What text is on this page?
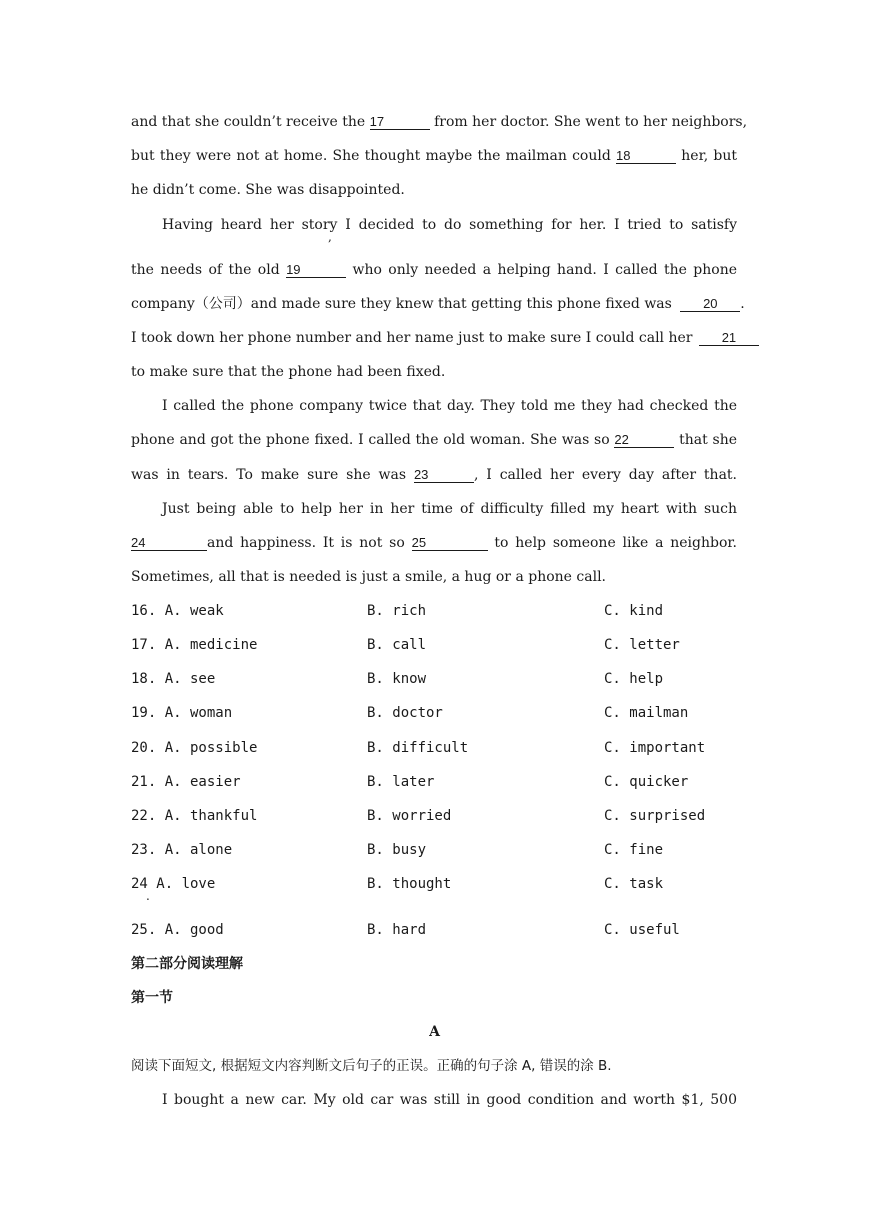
and that she couldn’t receive the 17	from her doctor. She went to her neighbors,
but they were not at home. She thought maybe the mailman could 18	her, but
he didn’t come. She was disappointed.
Having heard her story I decided to do something for her. I tried to satisfy
,
the needs of the old 19	who only needed a helping hand. I called the phone
company（公司）and made sure they knew that getting this phone fixed was 20 .
I took down her phone number and her name just to make sure I could call her 21
to make sure that the phone had been fixed.
I called the phone company twice that day. They told me they had checked the
phone and got the phone fixed. I called the old woman. She was so 22	that she
was in tears. To make sure she was 23	, I called her every day after that.
Just being able to help her in her time of difficulty filled my heart with such
24	and happiness. It is not so 25	to help someone like a neighbor.
Sometimes, all that is needed is just a smile, a hug or a phone call.
16. A. weak	B. rich	C. kind
17. A. medicine	B. call	C. letter
18. A. see	B. know	C. help
19. A. woman	B. doctor	C. mailman
20. A. possible	B. difficult	C. important
21. A. easier	B. later	C. quicker
22. A. thankful	B. worried	C. surprised
23. A. alone	B. busy	C. fine
24 A. love	B. thought	C. task
.
25. A. good	B. hard	C. useful
第二部分阅读理解
第一节
A
阅读下面短文, 根据短文内容判断文后句子的正误。正确的句子涂 A, 错误的涂 B.
I bought a new car. My old car was still in good condition and worth $1, 500
